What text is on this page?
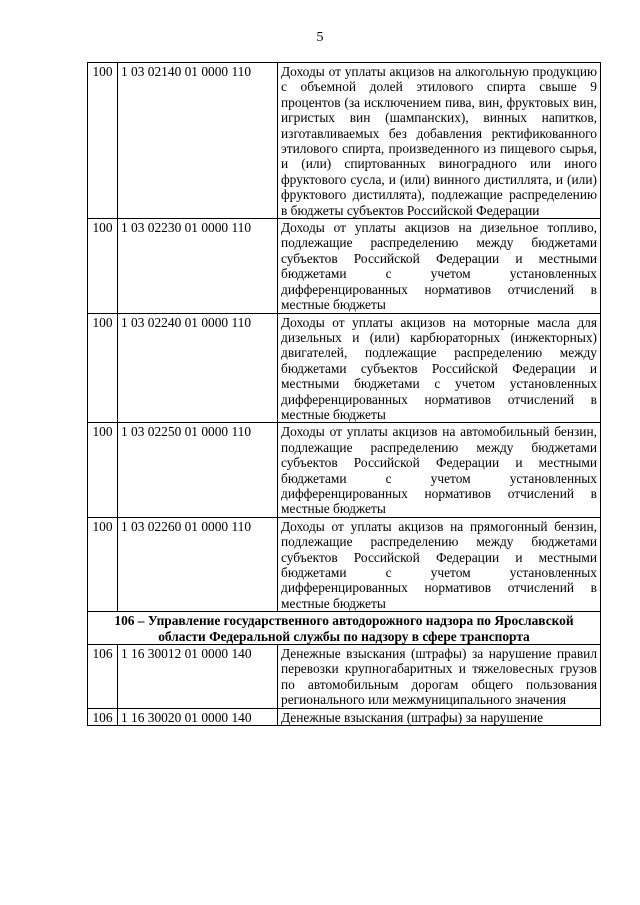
5
100	1 03 02140 01 0000 110	Доходы от уплаты акцизов на алкогольную продукцию с объемной долей этилового спирта свыше 9 процентов (за исключением пива, вин, фруктовых вин, игристых вин (шампанских), винных напитков, изготавливаемых без добавления ректификованного этилового спирта, произведенного из пищевого сырья, и (или) спиртованных виноградного или иного фруктового сусла, и (или) винного дистиллята, и (или) фруктового дистиллята), подлежащие распределению в бюджеты субъектов Российской Федерации
100	1 03 02230 01 0000 110	Доходы от уплаты акцизов на дизельное топливо, подлежащие распределению между бюджетами субъектов Российской Федерации и местными бюджетами с учетом установленных дифференцированных нормативов отчислений в местные бюджеты
100	1 03 02240 01 0000 110	Доходы от уплаты акцизов на моторные масла для дизельных и (или) карбюраторных (инжекторных) двигателей, подлежащие распределению между бюджетами субъектов Российской Федерации и местными бюджетами с учетом установленных дифференцированных нормативов отчислений в местные бюджеты
100	1 03 02250 01 0000 110	Доходы от уплаты акцизов на автомобильный бензин, подлежащие распределению между бюджетами субъектов Российской Федерации и местными бюджетами с учетом установленных дифференцированных нормативов отчислений в местные бюджеты
100	1 03 02260 01 0000 110	Доходы от уплаты акцизов на прямогонный бензин, подлежащие распределению между бюджетами субъектов Российской Федерации и местными бюджетами с учетом установленных дифференцированных нормативов отчислений в местные бюджеты
106 – Управление государственного автодорожного надзора по Ярославской области Федеральной службы по надзору в сфере транспорта		
106	1 16 30012 01 0000 140	Денежные взыскания (штрафы) за нарушение правил перевозки крупногабаритных и тяжеловесных грузов по автомобильным дорогам общего пользования регионального или межмуниципального значения
106	1 16 30020 01 0000 140	Денежные взыскания (штрафы) за нарушение
